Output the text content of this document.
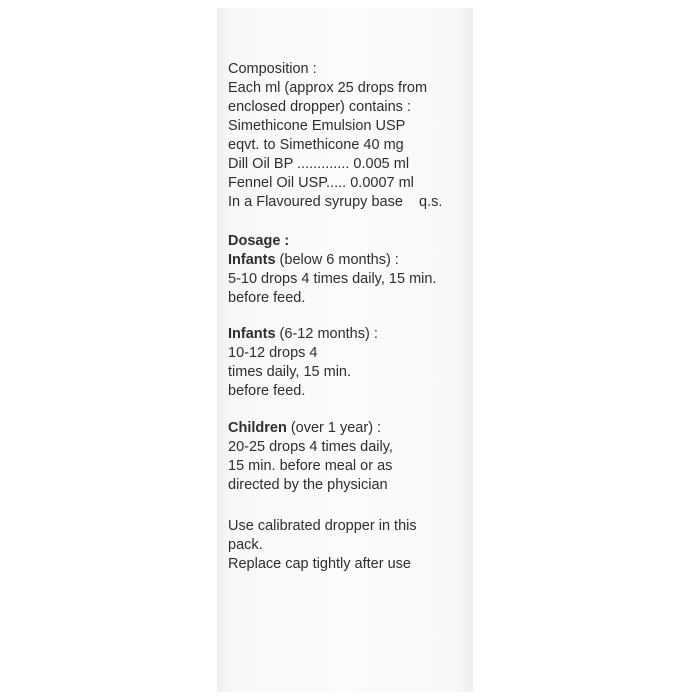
Composition :
Each ml (approx 25 drops from
enclosed dropper) contains :
Simethicone Emulsion USP
eqvt. to Simethicone 40 mg
Dill Oil BP ............. 0.005 ml
Fennel Oil USP..... 0.0007 ml
In a Flavoured syrupy base    q.s.
Dosage :
Infants (below 6 months) :
5-10 drops 4 times daily, 15 min.
before feed.
Infants (6-12 months) :
10-12 drops 4
times daily, 15 min.
before feed.
Children (over 1 year) :
20-25 drops 4 times daily,
15 min. before meal or as
directed by the physician
Use calibrated dropper in this
pack.
Replace cap tightly after use
